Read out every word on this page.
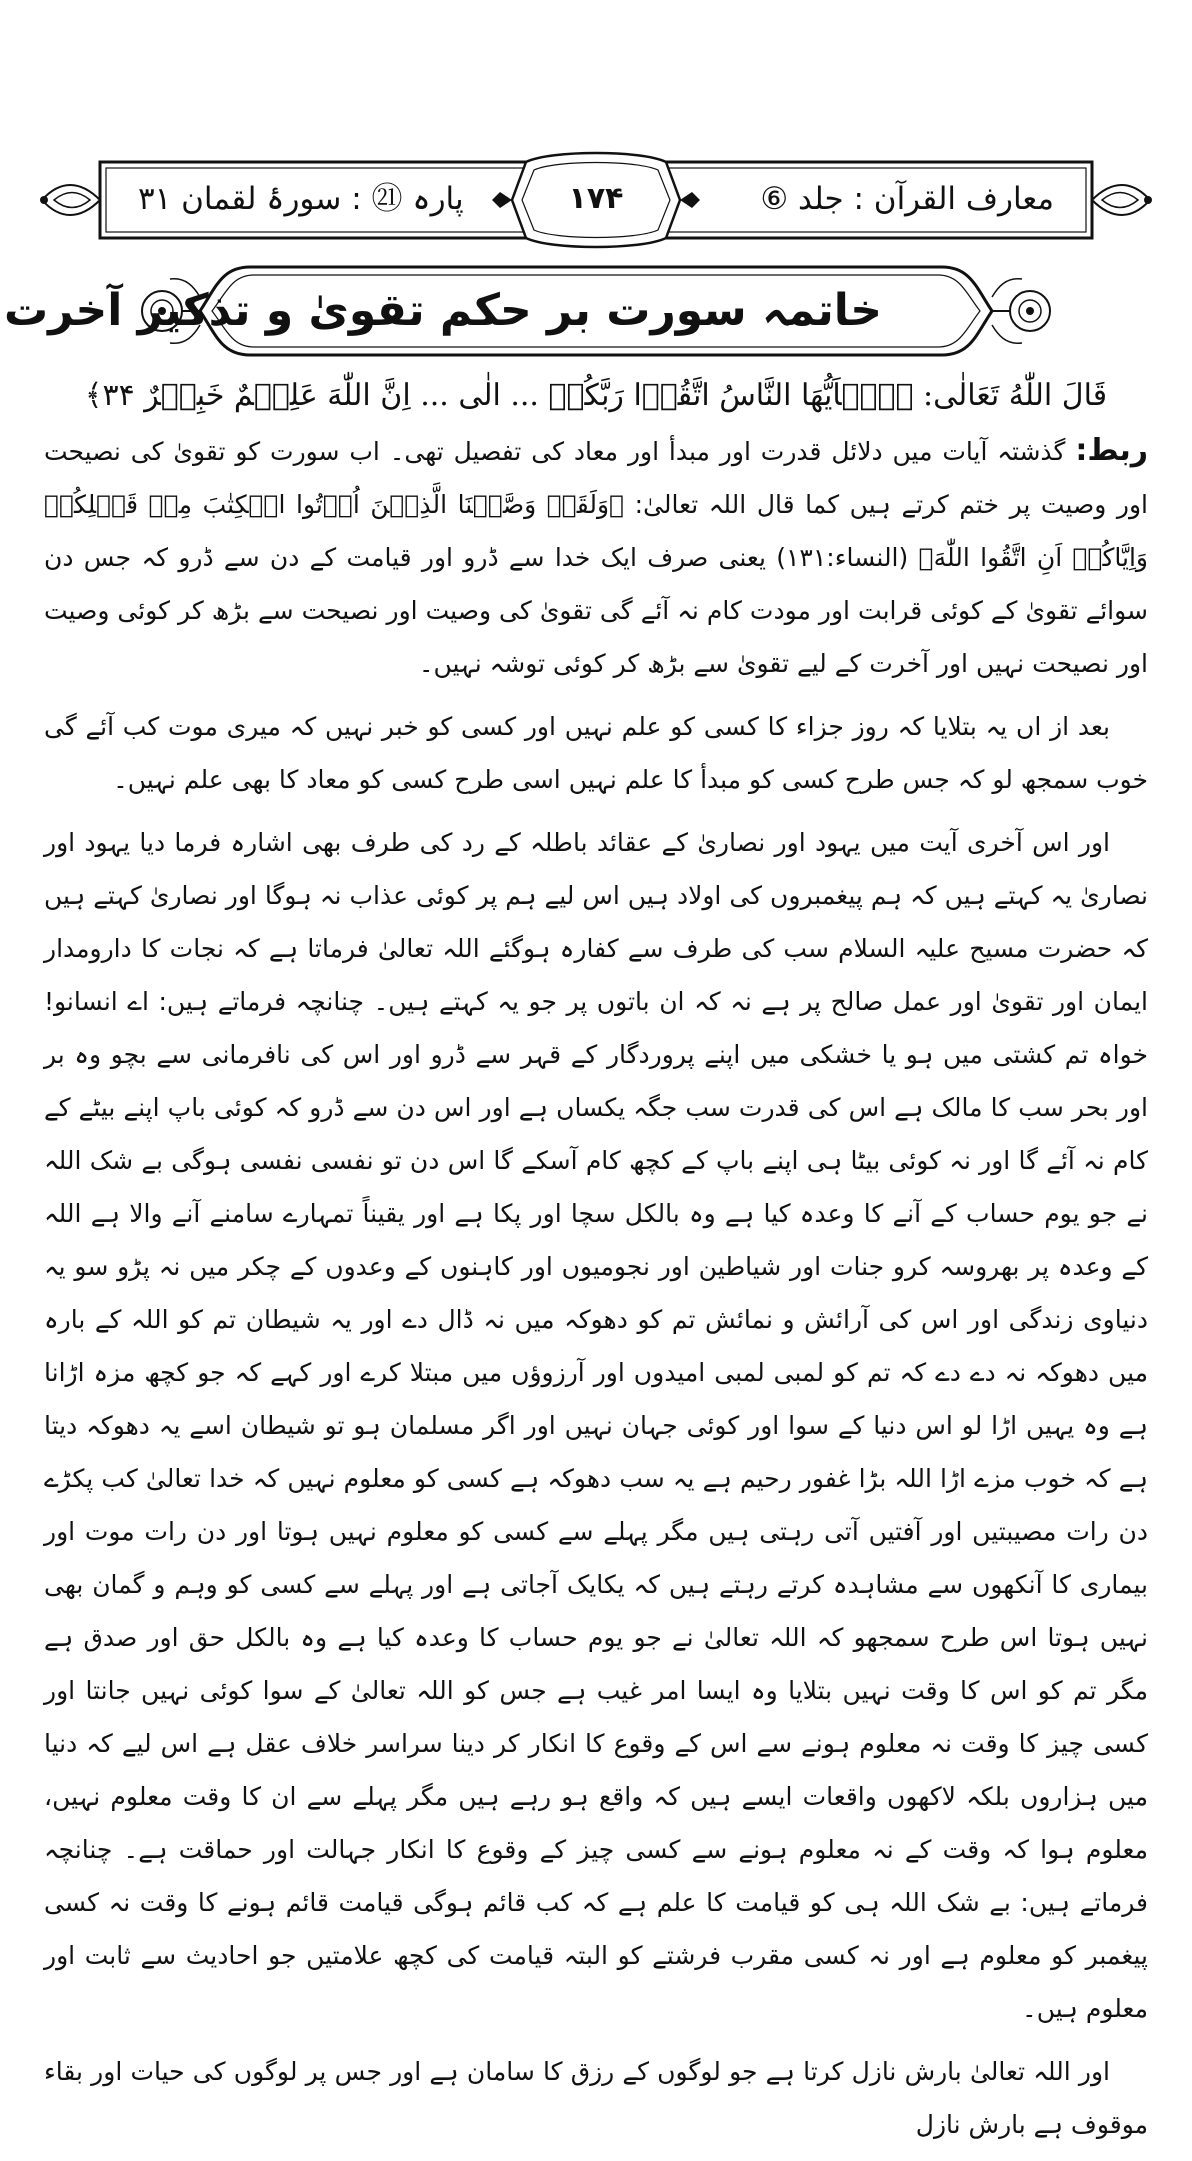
معارف القرآن : جلد ⑥
۱۷۴
پارہ ㉑ : سورۂ لقمان ۳۱
خاتمہ سورت بر حکم تقویٰ و تذکیر آخرت
قَالَ اللّٰهُ تَعَالٰی: ﴿يٰۤاَيُّهَا النَّاسُ اتَّقُوۡا رَبَّكُمۡ ... الٰی ... اِنَّ اللّٰهَ عَلِيۡمٌ خَبِيۡرٌ ۳۴﴾

ربط: گذشتہ آیات میں دلائل قدرت اور مبدأ اور معاد کی تفصیل تھی۔ اب سورت کو تقویٰ کی نصیحت اور وصیت پر ختم کرتے ہیں کما قال اللہ تعالیٰ: ﴿وَلَقَدۡ وَصَّيۡنَا الَّذِيۡنَ اُوۡتُوا الۡكِتٰبَ مِنۡ قَبۡلِكُمۡ وَاِيَّاكُمۡ اَنِ اتَّقُوا اللّٰهَ﴾ (النساء:۱۳۱) یعنی صرف ایک خدا سے ڈرو اور قیامت کے دن سے ڈرو کہ جس دن سوائے تقویٰ کے کوئی قرابت اور مودت کام نہ آئے گی تقویٰ کی وصیت اور نصیحت سے بڑھ کر کوئی وصیت اور نصیحت نہیں اور آخرت کے لیے تقویٰ سے بڑھ کر کوئی توشہ نہیں۔

بعد از اں یہ بتلایا کہ روز جزاء کا کسی کو علم نہیں اور کسی کو خبر نہیں کہ میری موت کب آئے گی خوب سمجھ لو کہ جس طرح کسی کو مبدأ کا علم نہیں اسی طرح کسی کو معاد کا بھی علم نہیں۔

اور اس آخری آیت میں یہود اور نصاریٰ کے عقائد باطلہ کے رد کی طرف بھی اشارہ فرما دیا یہود اور نصاریٰ یہ کہتے ہیں کہ ہم پیغمبروں کی اولاد ہیں اس لیے ہم پر کوئی عذاب نہ ہوگا اور نصاریٰ کہتے ہیں کہ حضرت مسیح علیہ السلام سب کی طرف سے کفارہ ہوگئے اللہ تعالیٰ فرماتا ہے کہ نجات کا دارومدار ایمان اور تقویٰ اور عمل صالح پر ہے نہ کہ ان باتوں پر جو یہ کہتے ہیں۔ چنانچہ فرماتے ہیں: اے انسانو! خواہ تم کشتی میں ہو یا خشکی میں اپنے پروردگار کے قہر سے ڈرو اور اس کی نافرمانی سے بچو وہ بر اور بحر سب کا مالک ہے اس کی قدرت سب جگہ یکساں ہے اور اس دن سے ڈرو کہ کوئی باپ اپنے بیٹے کے کام نہ آئے گا اور نہ کوئی بیٹا ہی اپنے باپ کے کچھ کام آسکے گا اس دن تو نفسی نفسی ہوگی بے شک اللہ نے جو یوم حساب کے آنے کا وعدہ کیا ہے وہ بالکل سچا اور پکا ہے اور یقیناً تمہارے سامنے آنے والا ہے اللہ کے وعدہ پر بھروسہ کرو جنات اور شیاطین اور نجومیوں اور کاہنوں کے وعدوں کے چکر میں نہ پڑو سو یہ دنیاوی زندگی اور اس کی آرائش و نمائش تم کو دھوکہ میں نہ ڈال دے اور یہ شیطان تم کو اللہ کے بارہ میں دھوکہ نہ دے دے کہ تم کو لمبی لمبی امیدوں اور آرزوؤں میں مبتلا کرے اور کہے کہ جو کچھ مزہ اڑانا ہے وہ یہیں اڑا لو اس دنیا کے سوا اور کوئی جہان نہیں اور اگر مسلمان ہو تو شیطان اسے یہ دھوکہ دیتا ہے کہ خوب مزے اڑا اللہ بڑا غفور رحیم ہے یہ سب دھوکہ ہے کسی کو معلوم نہیں کہ خدا تعالیٰ کب پکڑے دن رات مصیبتیں اور آفتیں آتی رہتی ہیں مگر پہلے سے کسی کو معلوم نہیں ہوتا اور دن رات موت اور بیماری کا آنکھوں سے مشاہدہ کرتے رہتے ہیں کہ یکایک آجاتی ہے اور پہلے سے کسی کو وہم و گمان بھی نہیں ہوتا اس طرح سمجھو کہ اللہ تعالیٰ نے جو یوم حساب کا وعدہ کیا ہے وہ بالکل حق اور صدق ہے مگر تم کو اس کا وقت نہیں بتلایا وہ ایسا امر غیب ہے جس کو اللہ تعالیٰ کے سوا کوئی نہیں جانتا اور کسی چیز کا وقت نہ معلوم ہونے سے اس کے وقوع کا انکار کر دینا سراسر خلاف عقل ہے اس لیے کہ دنیا میں ہزاروں بلکہ لاکھوں واقعات ایسے ہیں کہ واقع ہو رہے ہیں مگر پہلے سے ان کا وقت معلوم نہیں، معلوم ہوا کہ وقت کے نہ معلوم ہونے سے کسی چیز کے وقوع کا انکار جہالت اور حماقت ہے۔ چنانچہ فرماتے ہیں: بے شک اللہ ہی کو قیامت کا علم ہے کہ کب قائم ہوگی قیامت قائم ہونے کا وقت نہ کسی پیغمبر کو معلوم ہے اور نہ کسی مقرب فرشتے کو البتہ قیامت کی کچھ علامتیں جو احادیث سے ثابت اور معلوم ہیں۔

اور اللہ تعالیٰ بارش نازل کرتا ہے جو لوگوں کے رزق کا سامان ہے اور جس پر لوگوں کی حیات اور بقاء موقوف ہے بارش نازل
